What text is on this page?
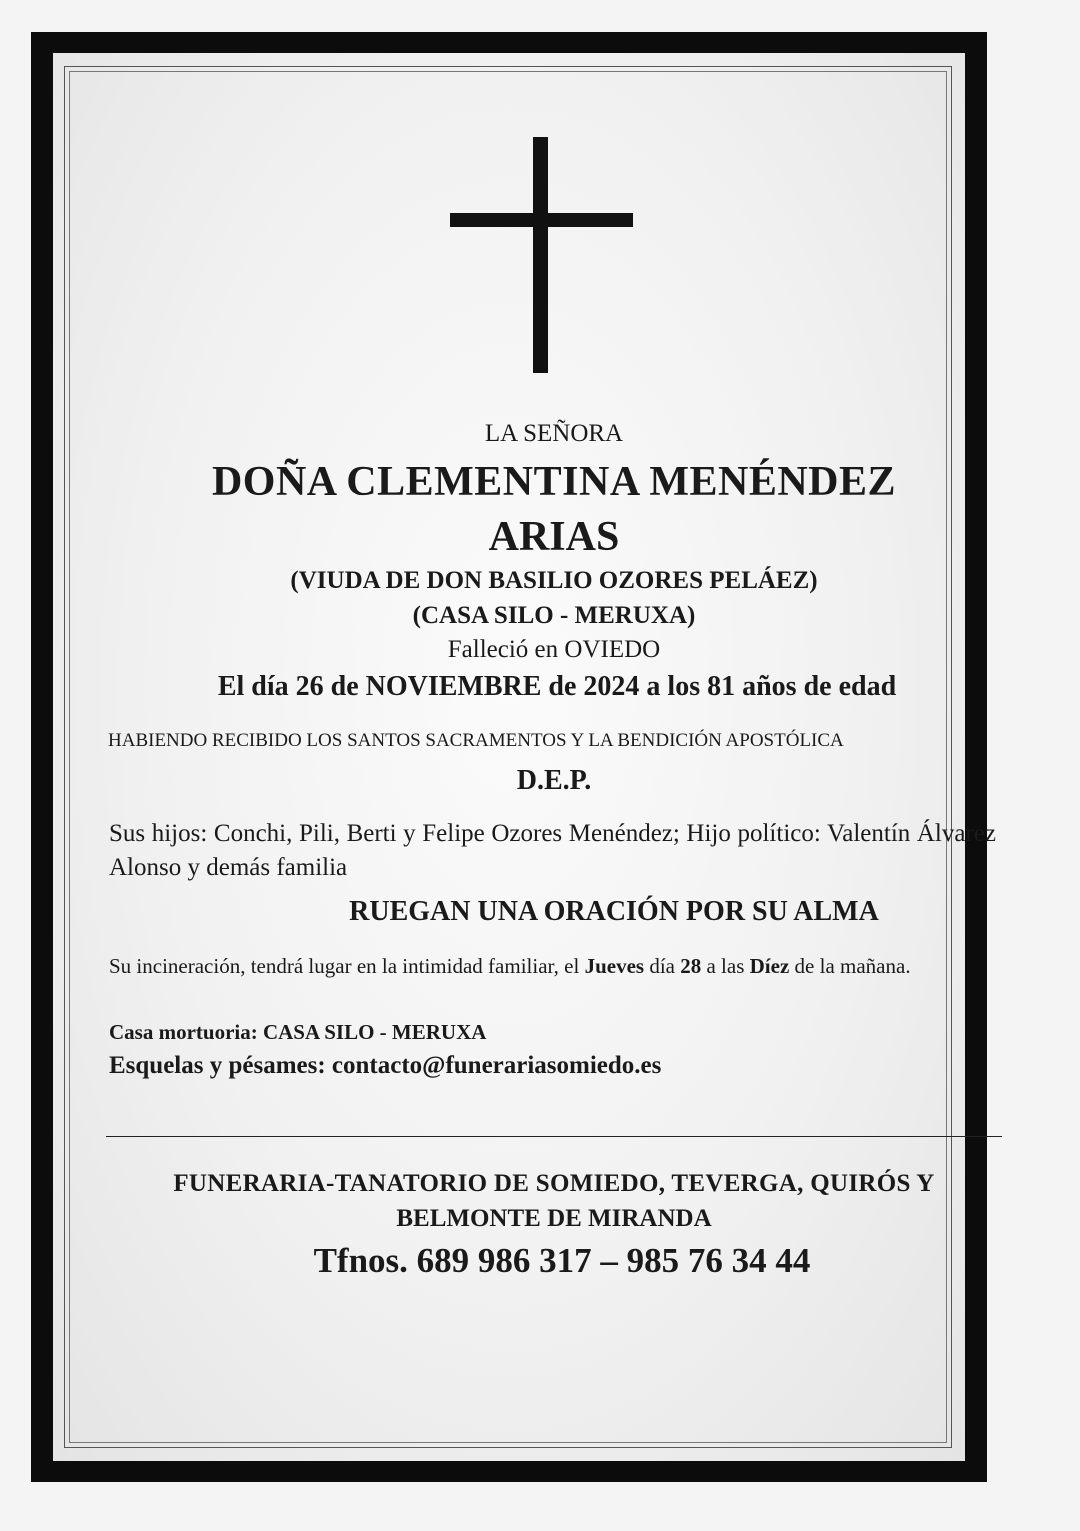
LA SEÑORA
DOÑA CLEMENTINA MENÉNDEZ
ARIAS
(VIUDA DE DON BASILIO OZORES PELÁEZ)
(CASA SILO - MERUXA)
Falleció en OVIEDO
El día 26 de NOVIEMBRE de 2024 a los 81 años de edad
HABIENDO RECIBIDO LOS SANTOS SACRAMENTOS Y LA BENDICIÓN APOSTÓLICA
D.E.P.
Sus hijos: Conchi, Pili, Berti y Felipe Ozores Menéndez; Hijo político: Valentín Álvarez Alonso y demás familia
RUEGAN UNA ORACIÓN POR SU ALMA
Su incineración, tendrá lugar en la intimidad familiar, el Jueves día 28 a las Díez de la mañana.
Casa mortuoria: CASA SILO - MERUXA
Esquelas y pésames: contacto@funerariasomiedo.es
FUNERARIA-TANATORIO DE SOMIEDO, TEVERGA, QUIRÓS Y
BELMONTE DE MIRANDA
Tfnos. 689 986 317 – 985 76 34 44
